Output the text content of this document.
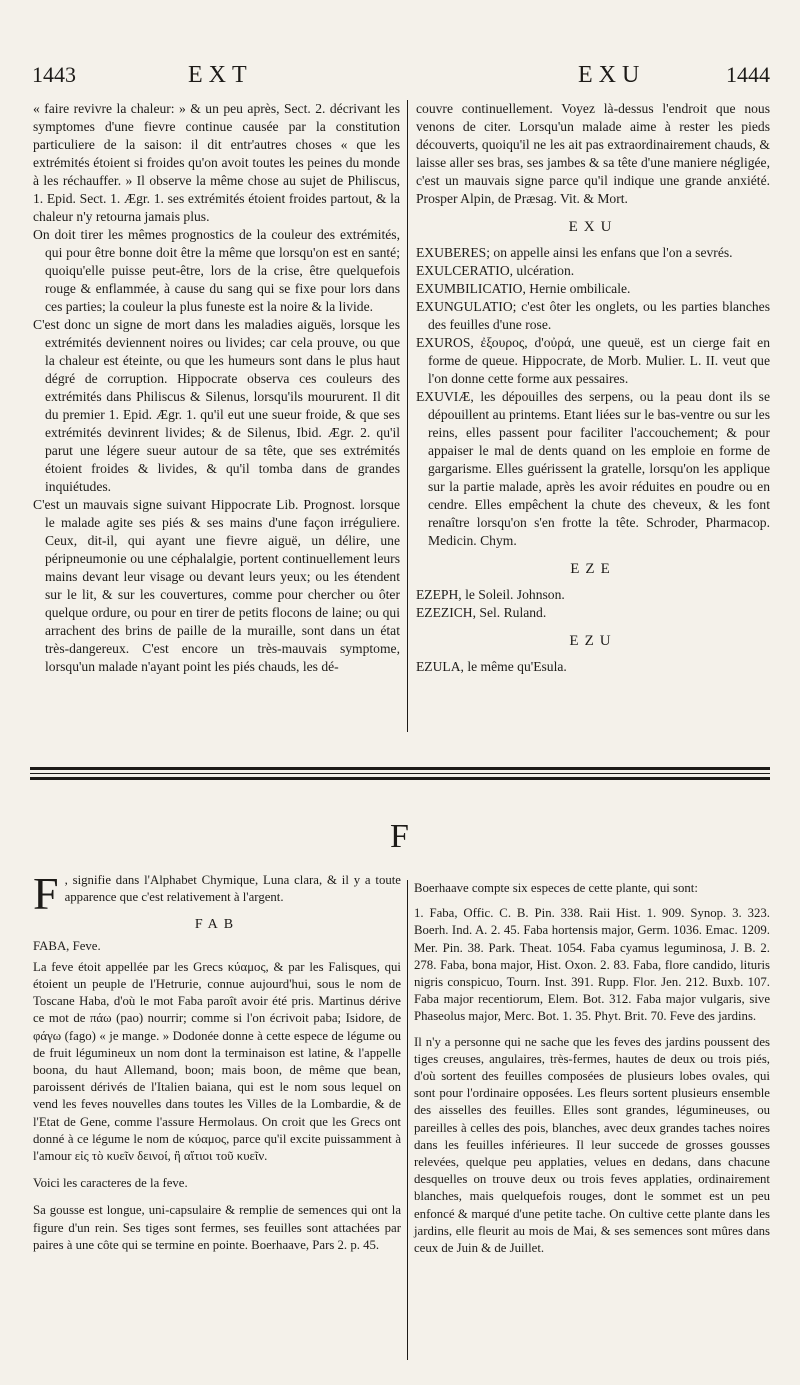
1443	EXT	EXU	1444

« faire revivre la chaleur: » & un peu après, Sect. 2. décrivant les symptomes d'une fievre continue causée par la constitution particuliere de la saison: il dit entr'autres choses « que les extrémités étoient si froides qu'on avoit toutes les peines du monde à les réchauffer. » Il observe la même chose au sujet de Philiscus, 1. Epid. Sect. 1. Ægr. 1. ses extrémités étoient froides partout, & la chaleur n'y retourna jamais plus.

On doit tirer les mêmes prognostics de la couleur des extrémités, qui pour être bonne doit être la même que lorsqu'on est en santé; quoiqu'elle puisse peut-être, lors de la crise, être quelquefois rouge & enflammée, à cause du sang qui se fixe pour lors dans ces parties; la couleur la plus funeste est la noire & la livide.

C'est donc un signe de mort dans les maladies aiguës, lorsque les extrémités deviennent noires ou livides; car cela prouve, ou que la chaleur est éteinte, ou que les humeurs sont dans le plus haut dégré de corruption. Hippocrate observa ces couleurs des extrémités dans Philiscus & Silenus, lorsqu'ils moururent. Il dit du premier 1. Epid. Ægr. 1. qu'il eut une sueur froide, & que ses extrémités devinrent livides; & de Silenus, Ibid. Ægr. 2. qu'il parut une légere sueur autour de sa tête, que ses extrémités étoient froides & livides, & qu'il tomba dans de grandes inquiétudes.

C'est un mauvais signe suivant Hippocrate Lib. Prognost. lorsque le malade agite ses piés & ses mains d'une façon irréguliere. Ceux, dit-il, qui ayant une fievre aiguë, un délire, une péripneumonie ou une céphalalgie, portent continuellement leurs mains devant leur visage ou devant leurs yeux; ou les étendent sur le lit, & sur les couvertures, comme pour chercher ou ôter quelque ordure, ou pour en tirer de petits flocons de laine; ou qui arrachent des brins de paille de la muraille, sont dans un état très-dangereux. C'est encore un très-mauvais symptome, lorsqu'un malade n'ayant point les piés chauds, les dé-

couvre continuellement. Voyez là-dessus l'endroit que nous venons de citer. Lorsqu'un malade aime à rester les pieds découverts, quoiqu'il ne les ait pas extraordinairement chauds, & laisse aller ses bras, ses jambes & sa tête d'une maniere négligée, c'est un mauvais signe parce qu'il indique une grande anxiété. Prosper Alpin, de Præsag. Vit. & Mort.

EXU

EXUBERES; on appelle ainsi les enfans que l'on a sevrés.

EXULCERATIO, ulcération.

EXUMBILICATIO, Hernie ombilicale.

EXUNGULATIO; c'est ôter les onglets, ou les parties blanches des feuilles d'une rose.

EXUROS, ἐξουρος, d'οὐρά, une queuë, est un cierge fait en forme de queue. Hippocrate, de Morb. Mulier. L. II. veut que l'on donne cette forme aux pessaires.

EXUVIÆ, les dépouilles des serpens, ou la peau dont ils se dépouillent au printems. Etant liées sur le bas-ventre ou sur les reins, elles passent pour faciliter l'accouchement; & pour appaiser le mal de dents quand on les emploie en forme de gargarisme. Elles guérissent la gratelle, lorsqu'on les applique sur la partie malade, après les avoir réduites en poudre ou en cendre. Elles empêchent la chute des cheveux, & les font renaître lorsqu'on s'en frotte la tête. Schroder, Pharmacop. Medicin. Chym.

EZE

EZEPH, le Soleil. Johnson.

EZEZICH, Sel. Ruland.

EZU

EZULA, le même qu'Esula.

F

F , signifie dans l'Alphabet Chymique, Luna clara, & il y a toute apparence que c'est relativement à l'argent.

FAB

FABA, Feve.

La feve étoit appellée par les Grecs κύαμος, & par les Falisques, qui étoient un peuple de l'Hetrurie, connue aujourd'hui, sous le nom de Toscane Haba, d'où le mot Faba paroît avoir été pris. Martinus dérive ce mot de πάω (pao) nourrir; comme si l'on écrivoit paba; Isidore, de φάγω (fago) « je mange. » Dodonée donne à cette espece de légume ou de fruit légumineux un nom dont la terminaison est latine, & l'appelle boona, du haut Allemand, boon; mais boon, de même que bean, paroissent dérivés de l'Italien baiana, qui est le nom sous lequel on vend les feves nouvelles dans toutes les Villes de la Lombardie, & de l'Etat de Gene, comme l'assure Hermolaus. On croit que les Grecs ont donné à ce légume le nom de κύαμος, parce qu'il excite puissamment à l'amour εἰς τὸ κυεῖν δεινοί, ἢ αἴτιοι τοῦ κυεῖν.

Voici les caracteres de la feve.

Sa gousse est longue, uni-capsulaire & remplie de semences qui ont la figure d'un rein. Ses tiges sont fermes, ses feuilles sont attachées par paires à une côte qui se termine en pointe. Boerhaave, Pars 2. p. 45.

Boerhaave compte six especes de cette plante, qui sont:

1. Faba, Offic. C. B. Pin. 338. Raii Hist. 1. 909. Synop. 3. 323. Boerh. Ind. A. 2. 45. Faba hortensis major, Germ. 1036. Emac. 1209. Mer. Pin. 38. Park. Theat. 1054. Faba cyamus leguminosa, J. B. 2. 278. Faba, bona major, Hist. Oxon. 2. 83. Faba, flore candido, lituris nigris conspicuo, Tourn. Inst. 391. Rupp. Flor. Jen. 212. Buxb. 107. Faba major recentiorum, Elem. Bot. 312. Faba major vulgaris, sive Phaseolus major, Merc. Bot. 1. 35. Phyt. Brit. 70. Feve des jardins.

Il n'y a personne qui ne sache que les feves des jardins poussent des tiges creuses, angulaires, très-fermes, hautes de deux ou trois piés, d'où sortent des feuilles composées de plusieurs lobes ovales, qui sont pour l'ordinaire opposées. Les fleurs sortent plusieurs ensemble des aisselles des feuilles. Elles sont grandes, légumineuses, ou pareilles à celles des pois, blanches, avec deux grandes taches noires dans les feuilles inférieures. Il leur succede de grosses gousses relevées, quelque peu applaties, velues en dedans, dans chacune desquelles on trouve deux ou trois feves applaties, ordinairement blanches, mais quelquefois rouges, dont le sommet est un peu enfoncé & marqué d'une petite tache. On cultive cette plante dans les jardins, elle fleurit au mois de Mai, & ses semences sont mûres dans ceux de Juin & de Juillet.
